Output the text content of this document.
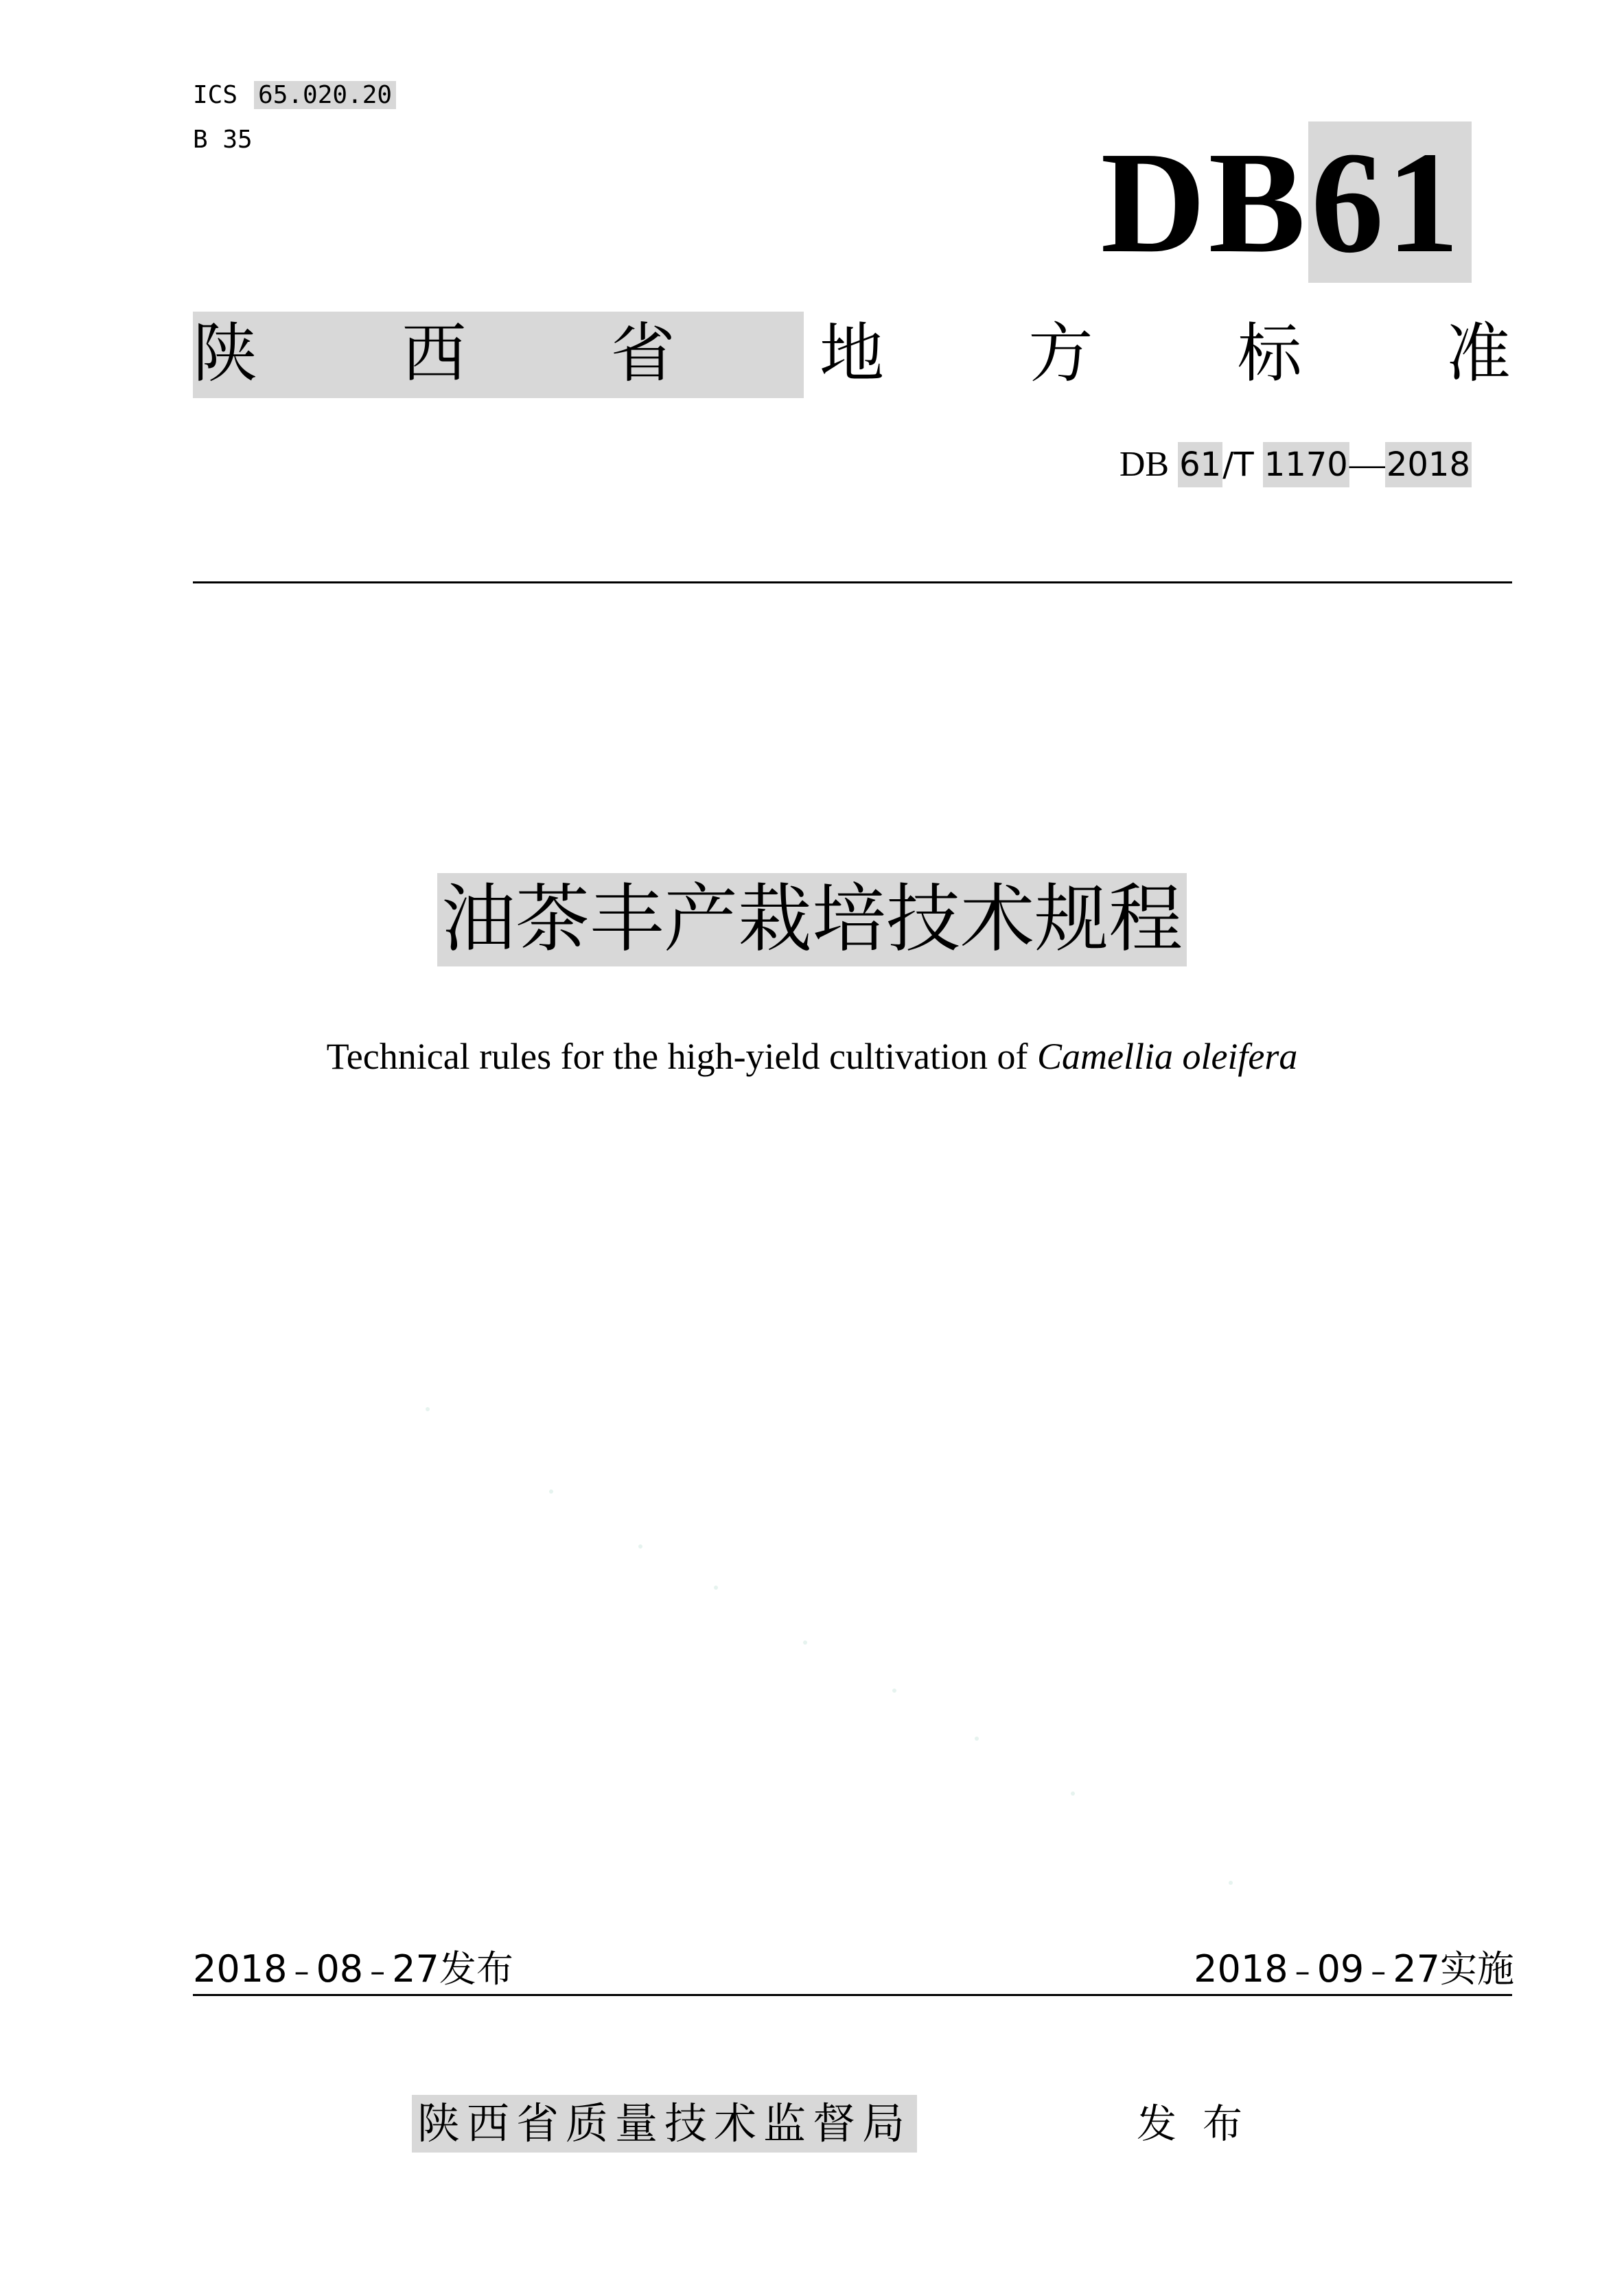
ICS 65.020.20
B 35	DB61
陕 西 省 地 方 标 准
DB 61/T 1170—2018
油茶丰产栽培技术规程
Technical rules for the high-yield cultivation of Camellia oleifera
2018 – 08 – 27发布	2018 – 09 – 27实施
陕西省质量技术监督局	发布
